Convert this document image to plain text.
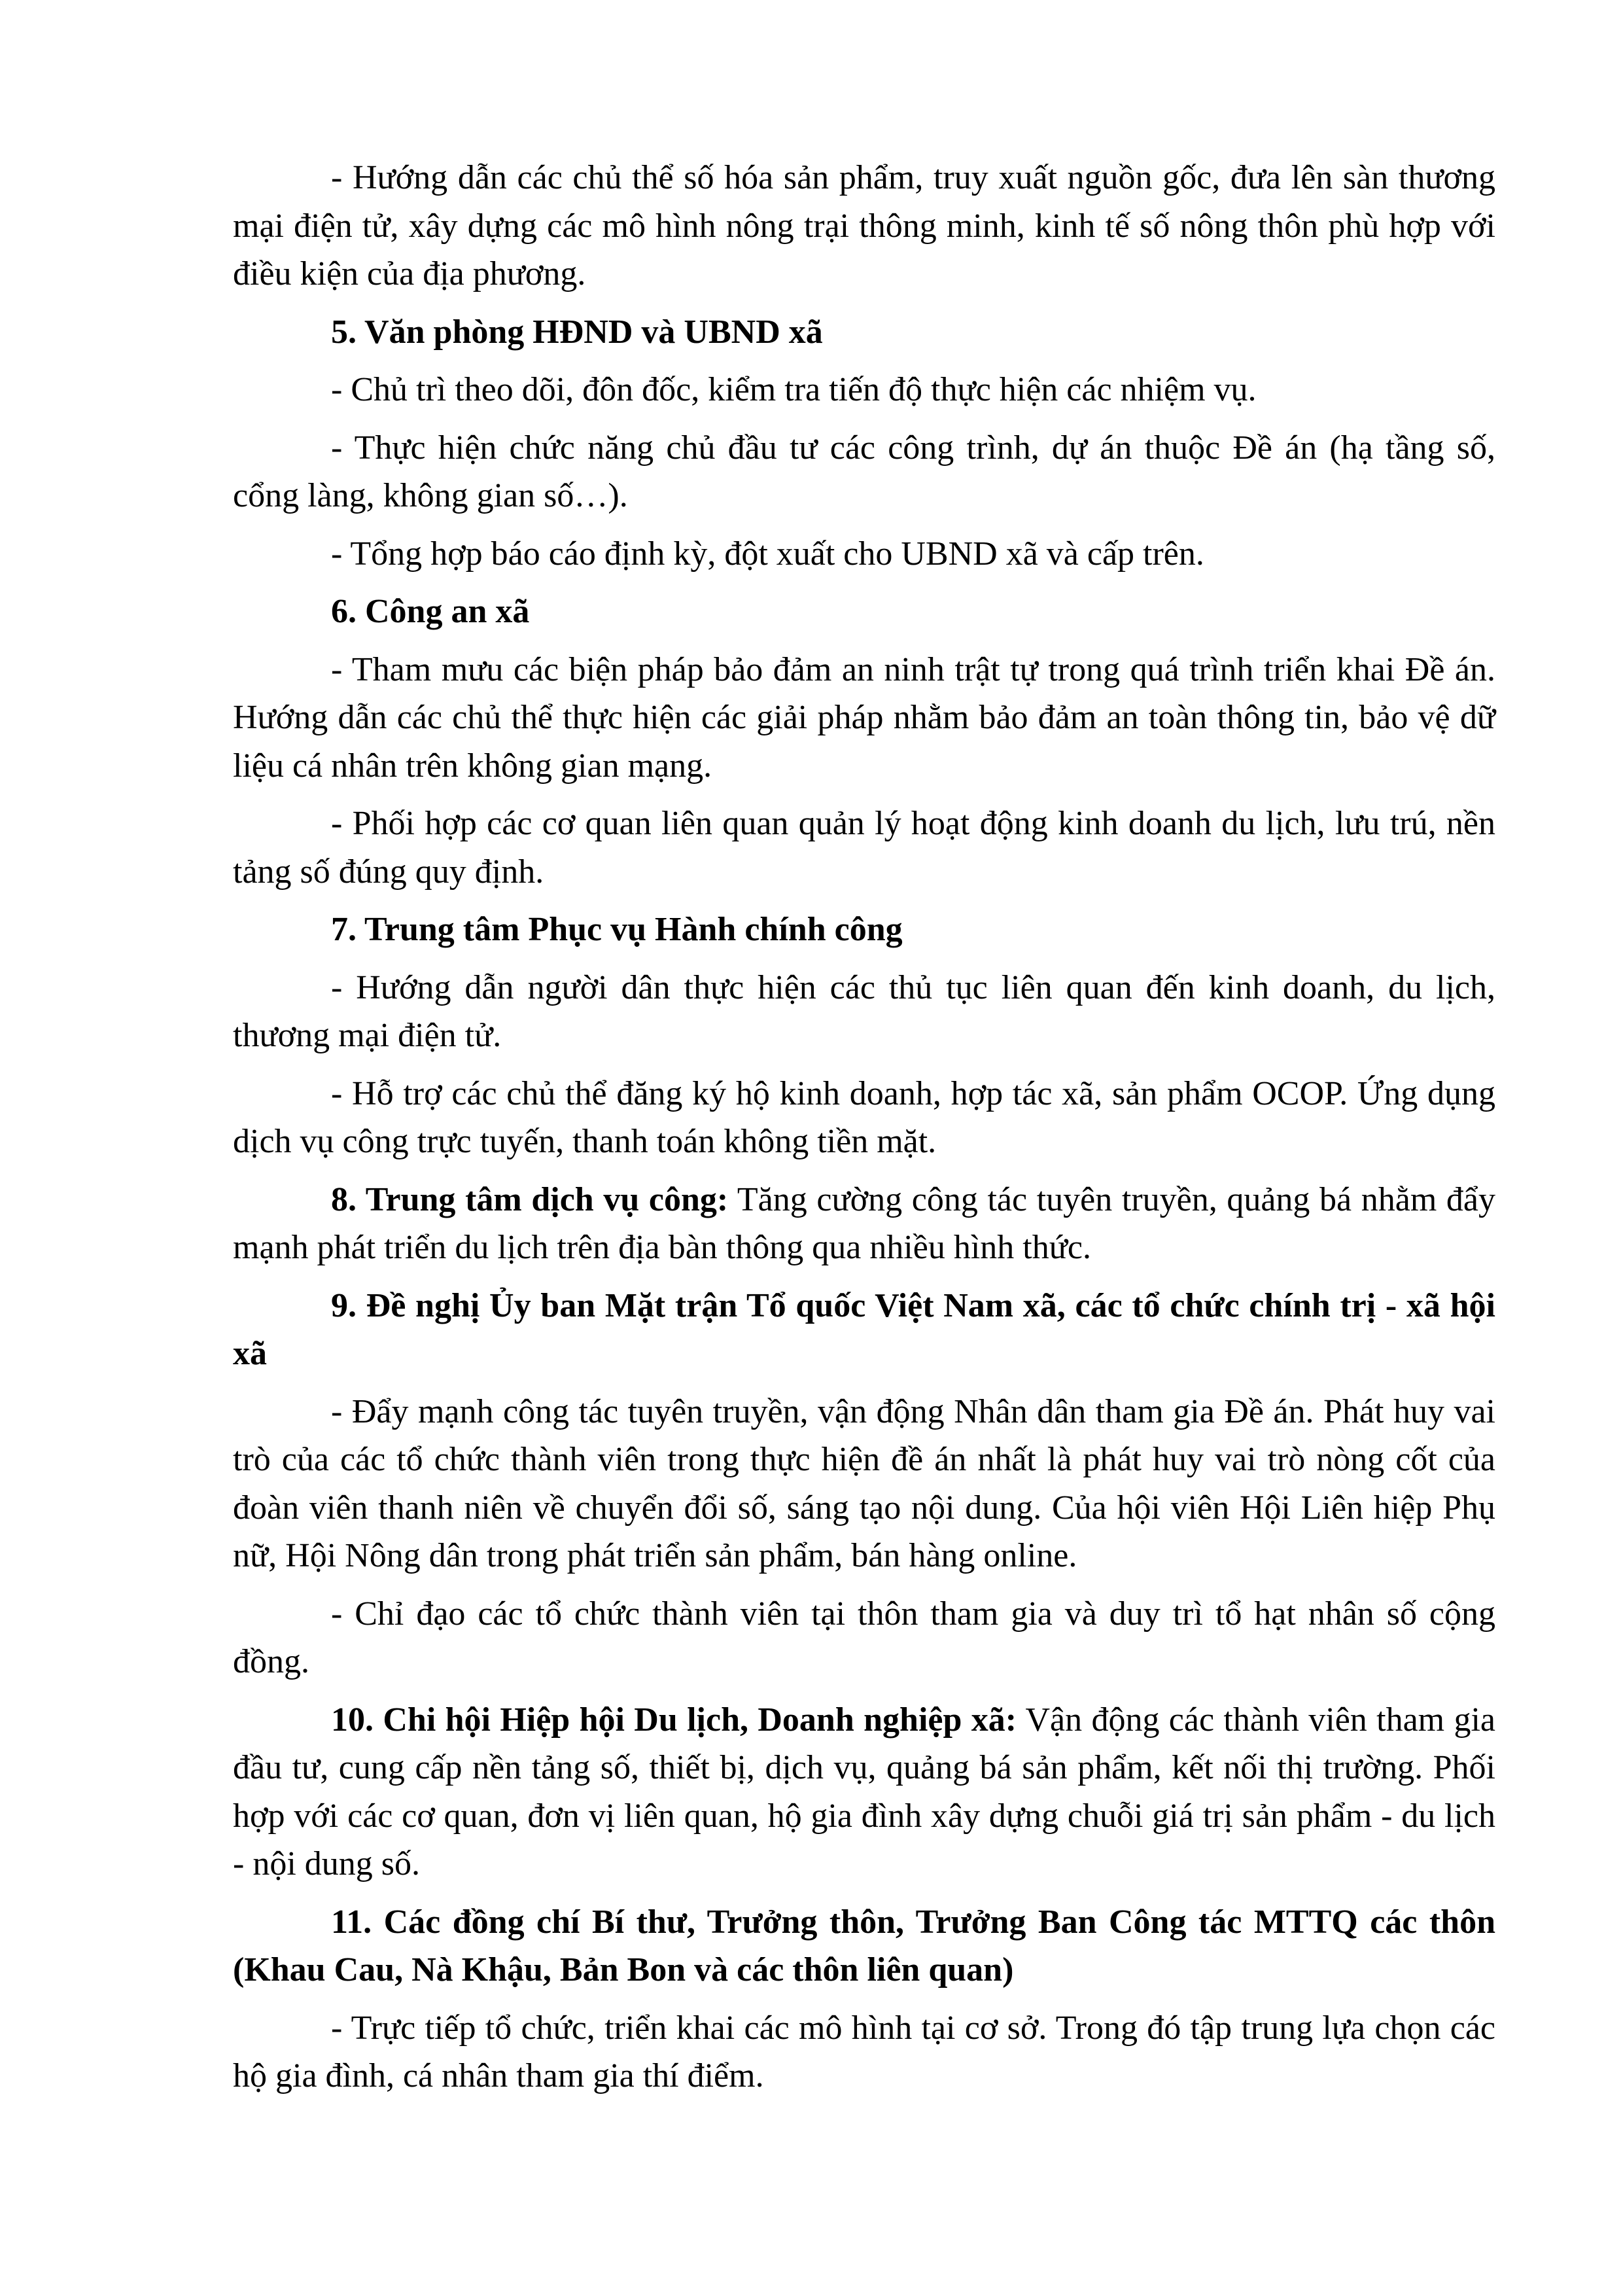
- Hướng dẫn các chủ thể số hóa sản phẩm, truy xuất nguồn gốc, đưa lên sàn thương mại điện tử, xây dựng các mô hình nông trại thông minh, kinh tế số nông thôn phù hợp với điều kiện của địa phương.

5. Văn phòng HĐND và UBND xã

- Chủ trì theo dõi, đôn đốc, kiểm tra tiến độ thực hiện các nhiệm vụ.

- Thực hiện chức năng chủ đầu tư các công trình, dự án thuộc Đề án (hạ tầng số, cổng làng, không gian số…).

- Tổng hợp báo cáo định kỳ, đột xuất cho UBND xã và cấp trên.

6. Công an xã

- Tham mưu các biện pháp bảo đảm an ninh trật tự trong quá trình triển khai Đề án. Hướng dẫn các chủ thể thực hiện các giải pháp nhằm bảo đảm an toàn thông tin, bảo vệ dữ liệu cá nhân trên không gian mạng.

- Phối hợp các cơ quan liên quan quản lý hoạt động kinh doanh du lịch, lưu trú, nền tảng số đúng quy định.

7. Trung tâm Phục vụ Hành chính công

- Hướng dẫn người dân thực hiện các thủ tục liên quan đến kinh doanh, du lịch, thương mại điện tử.

- Hỗ trợ các chủ thể đăng ký hộ kinh doanh, hợp tác xã, sản phẩm OCOP. Ứng dụng dịch vụ công trực tuyến, thanh toán không tiền mặt.

8. Trung tâm dịch vụ công: Tăng cường công tác tuyên truyền, quảng bá nhằm đẩy mạnh phát triển du lịch trên địa bàn thông qua nhiều hình thức.

9. Đề nghị Ủy ban Mặt trận Tổ quốc Việt Nam xã, các tổ chức chính trị - xã hội xã

- Đẩy mạnh công tác tuyên truyền, vận động Nhân dân tham gia Đề án. Phát huy vai trò của các tổ chức thành viên trong thực hiện đề án nhất là phát huy vai trò nòng cốt của đoàn viên thanh niên về chuyển đổi số, sáng tạo nội dung. Của hội viên Hội Liên hiệp Phụ nữ, Hội Nông dân trong phát triển sản phẩm, bán hàng online.

- Chỉ đạo các tổ chức thành viên tại thôn tham gia và duy trì tổ hạt nhân số cộng đồng.

10. Chi hội Hiệp hội Du lịch, Doanh nghiệp xã: Vận động các thành viên tham gia đầu tư, cung cấp nền tảng số, thiết bị, dịch vụ, quảng bá sản phẩm, kết nối thị trường. Phối hợp với các cơ quan, đơn vị liên quan, hộ gia đình xây dựng chuỗi giá trị sản phẩm - du lịch - nội dung số.

11. Các đồng chí Bí thư, Trưởng thôn, Trưởng Ban Công tác MTTQ các thôn (Khau Cau, Nà Khậu, Bản Bon và các thôn liên quan)

- Trực tiếp tổ chức, triển khai các mô hình tại cơ sở. Trong đó tập trung lựa chọn các hộ gia đình, cá nhân tham gia thí điểm.
